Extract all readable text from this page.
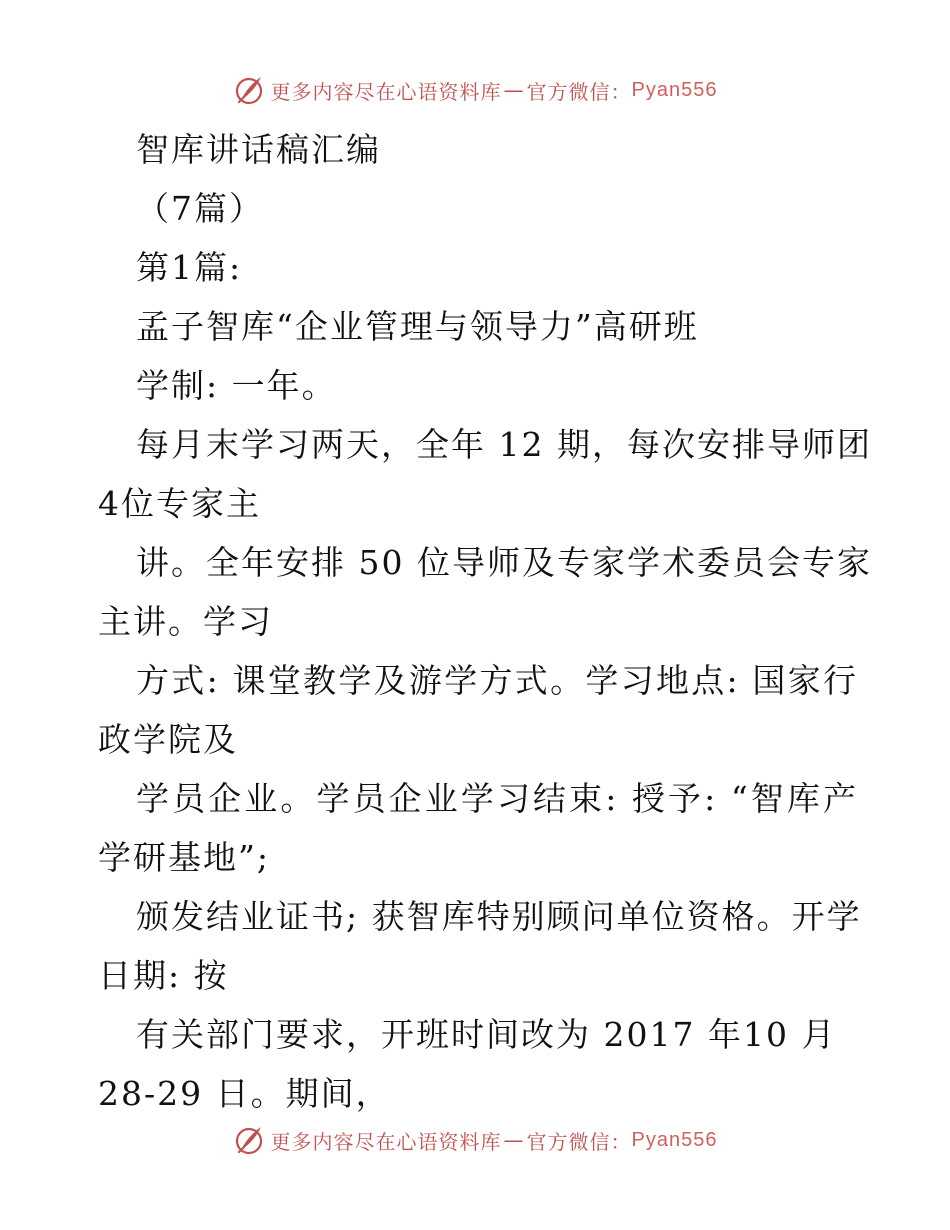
更多内容尽在心语资料库 — 官方微信： Pyan556
智库讲话稿汇编
（7篇）
第1篇:
孟子智库“企业管理与领导力”高研班
学制: 一年。
每月末学习两天，全年 12 期，每次安排导师团
4位专家主
讲。全年安排 50 位导师及专家学术委员会专家
主讲。学习
方式: 课堂教学及游学方式。学习地点: 国家行
政学院及
学员企业。学员企业学习结束: 授予: “智库产
学研基地”;
颁发结业证书; 获智库特别顾问单位资格。开学
日期: 按
有关部门要求，开班时间改为 2017 年10 月
28-29 日。期间，
更多内容尽在心语资料库 — 官方微信： Pyan556
